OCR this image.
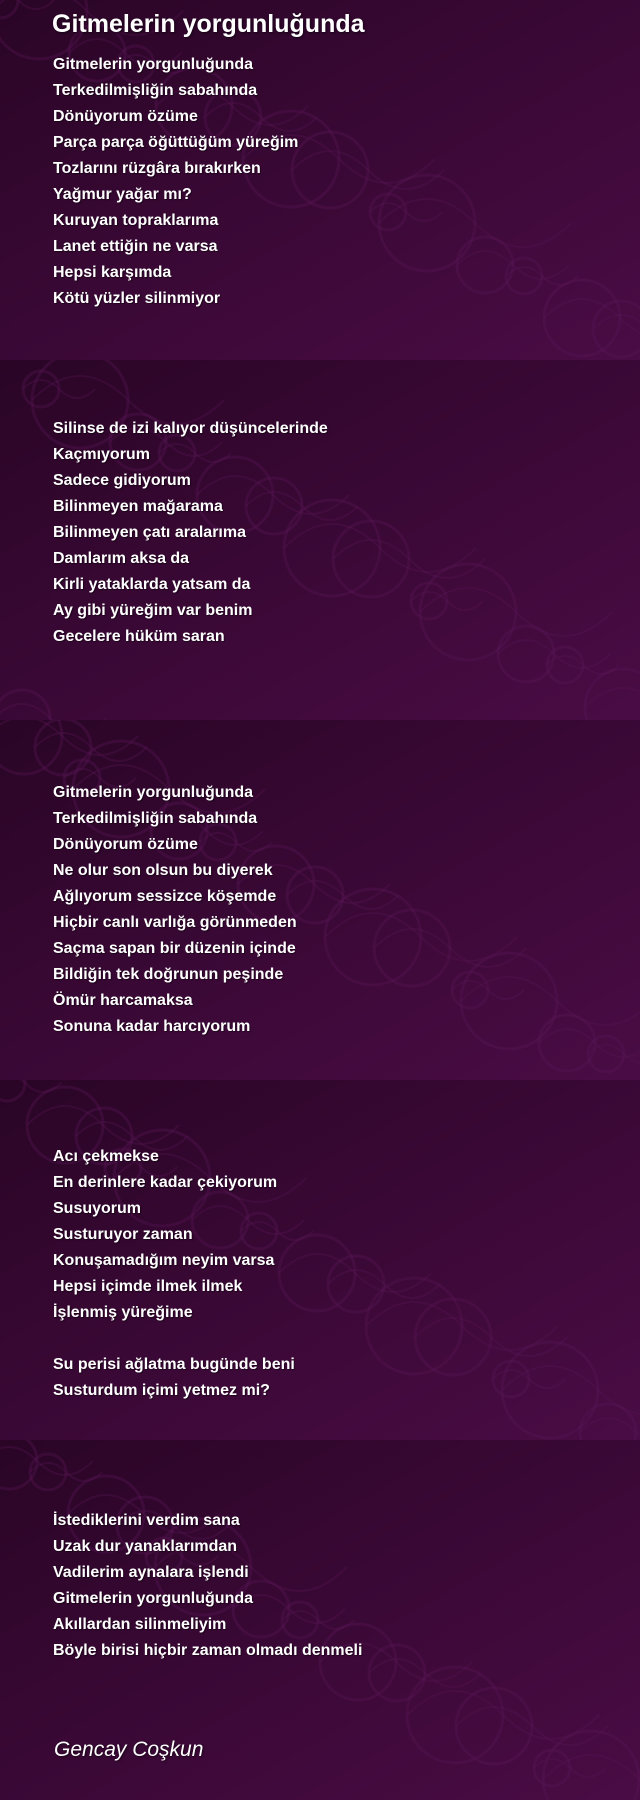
Gitmelerin yorgunluğunda
Gitmelerin yorgunluğunda
Terkedilmişliğin sabahında
Dönüyorum özüme
Parça parça öğüttüğüm yüreğim
Tozlarını rüzgâra bırakırken
Yağmur yağar mı?
Kuruyan topraklarıma
Lanet ettiğin ne varsa
Hepsi karşımda
Kötü yüzler silinmiyor
Silinse de izi kalıyor düşüncelerinde
Kaçmıyorum
Sadece gidiyorum
Bilinmeyen mağarama
Bilinmeyen çatı aralarıma
Damlarım aksa da
Kirli yataklarda yatsam da
Ay gibi yüreğim var benim
Gecelere hüküm saran
Gitmelerin yorgunluğunda
Terkedilmişliğin sabahında
Dönüyorum özüme
Ne olur son olsun bu diyerek
Ağlıyorum sessizce köşemde
Hiçbir canlı varlığa görünmeden
Saçma sapan bir düzenin içinde
Bildiğin tek doğrunun peşinde
Ömür harcamaksa
Sonuna kadar harcıyorum
Acı çekmekse
En derinlere kadar çekiyorum
Susuyorum
Susturuyor zaman
Konuşamadığım neyim varsa
Hepsi içimde ilmek ilmek
İşlenmiş yüreğime
Su perisi ağlatma bugünde beni
Susturdum içimi yetmez mi?
İstediklerini verdim sana
Uzak dur yanaklarımdan
Vadilerim aynalara işlendi
Gitmelerin yorgunluğunda
Akıllardan silinmeliyim
Böyle birisi hiçbir zaman olmadı denmeli
Gencay Coşkun
